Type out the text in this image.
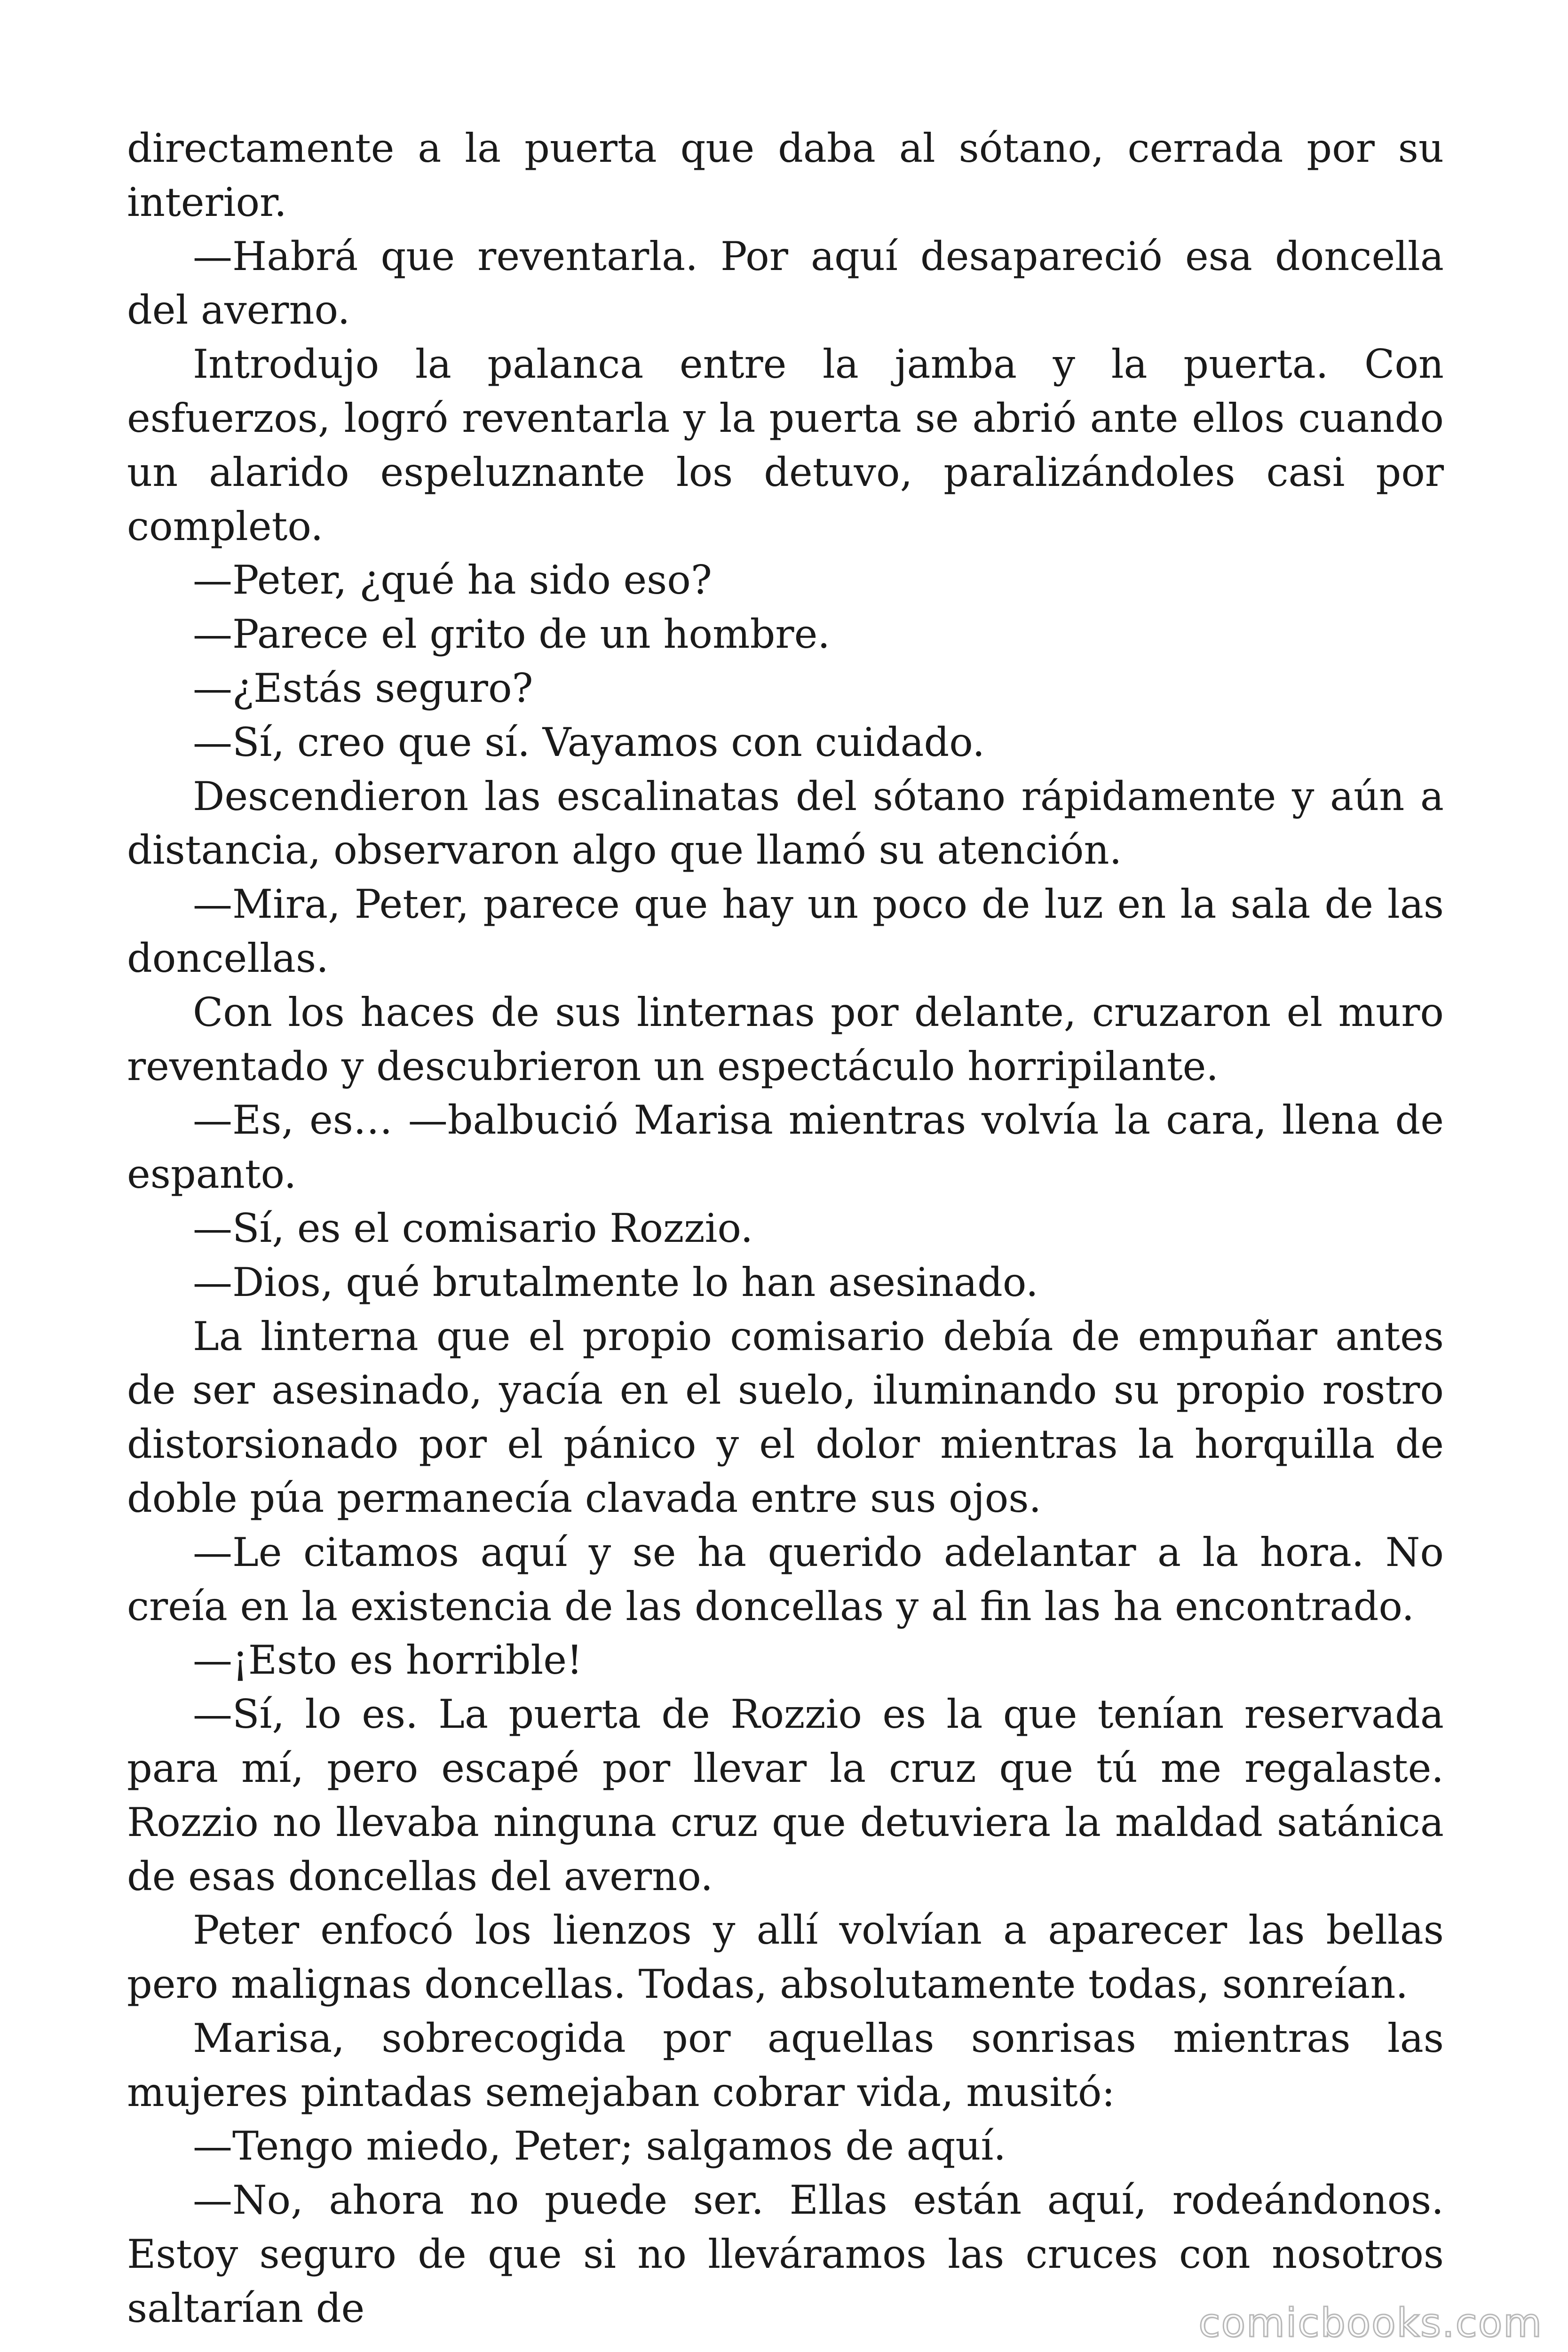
directamente a la puerta que daba al sótano, cerrada por su interior.

—Habrá que reventarla. Por aquí desapareció esa doncella del averno.

Introdujo la palanca entre la jamba y la puerta. Con esfuerzos, logró reventarla y la puerta se abrió ante ellos cuando un alarido espeluznante los detuvo, paralizándoles casi por completo.

—Peter, ¿qué ha sido eso?

—Parece el grito de un hombre.

—¿Estás seguro?

—Sí, creo que sí. Vayamos con cuidado.

Descendieron las escalinatas del sótano rápidamente y aún a distancia, observaron algo que llamó su atención.

—Mira, Peter, parece que hay un poco de luz en la sala de las doncellas.

Con los haces de sus linternas por delante, cruzaron el muro reventado y descubrieron un espectáculo horripilante.

—Es, es… —balbució Marisa mientras volvía la cara, llena de espanto.

—Sí, es el comisario Rozzio.

—Dios, qué brutalmente lo han asesinado.

La linterna que el propio comisario debía de empuñar antes de ser asesinado, yacía en el suelo, iluminando su propio rostro distorsionado por el pánico y el dolor mientras la horquilla de doble púa permanecía clavada entre sus ojos.

—Le citamos aquí y se ha querido adelantar a la hora. No creía en la existencia de las doncellas y al fin las ha encontrado.

—¡Esto es horrible!

—Sí, lo es. La puerta de Rozzio es la que tenían reservada para mí, pero escapé por llevar la cruz que tú me regalaste. Rozzio no llevaba ninguna cruz que detuviera la maldad satánica de esas doncellas del averno.

Peter enfocó los lienzos y allí volvían a aparecer las bellas pero malignas doncellas. Todas, absolutamente todas, sonreían.

Marisa, sobrecogida por aquellas sonrisas mientras las mujeres pintadas semejaban cobrar vida, musitó:

—Tengo miedo, Peter; salgamos de aquí.

—No, ahora no puede ser. Ellas están aquí, rodeándonos. Estoy seguro de que si no lleváramos las cruces con nosotros saltarían de	comicbooks.com
